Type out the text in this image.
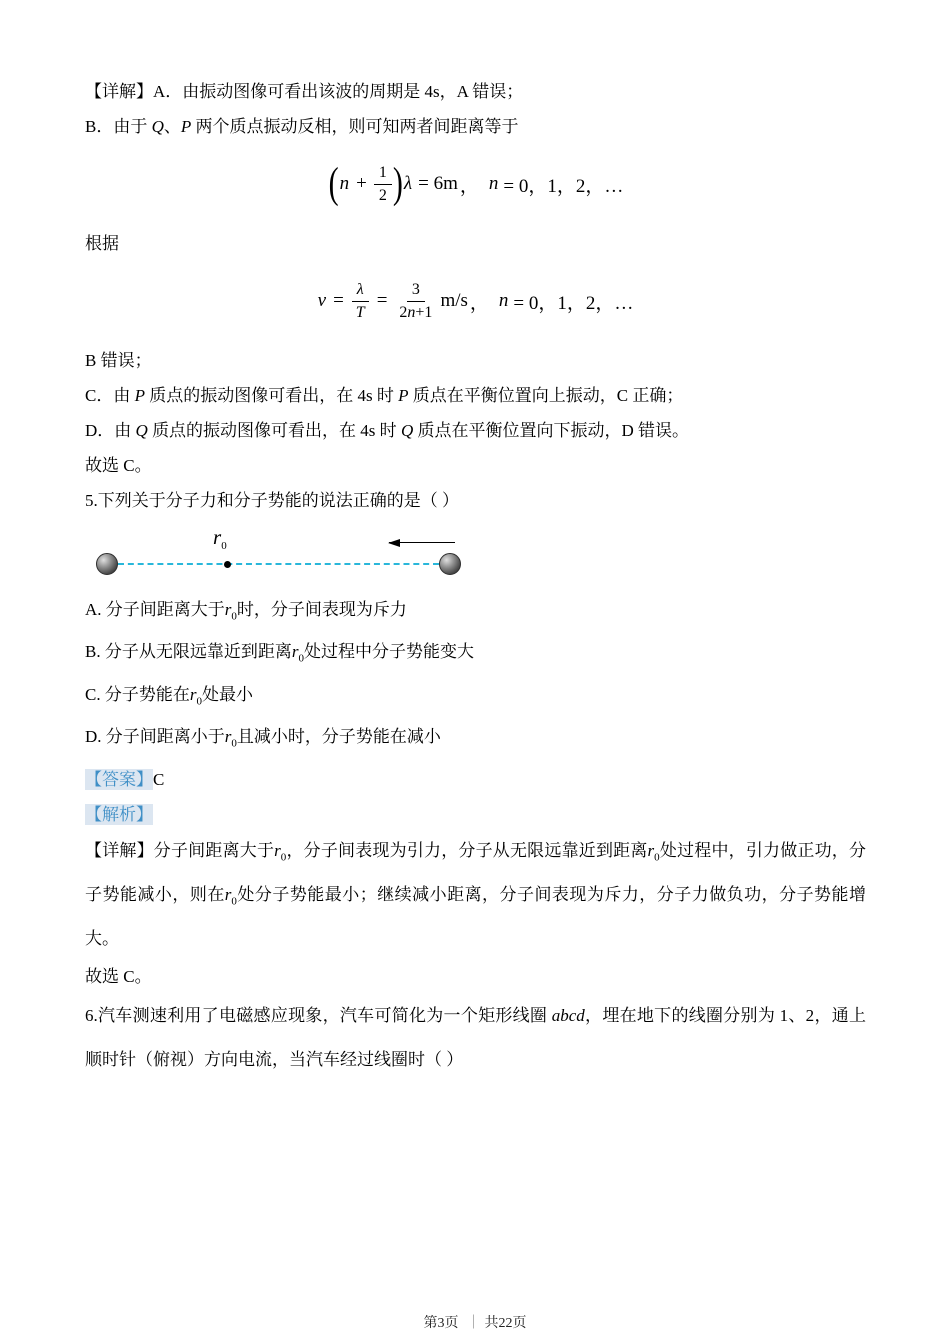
【详解】A．由振动图像可看出该波的周期是 4s，A 错误；

B．由于 Q、P 两个质点振动反相，则可知两者间距离等于

( $n + \frac{1}{2}$ ) λ = 6m ， n = 0，1，2，…

根据

$v = \frac{\lambda}{T} = \frac{3}{2n+1} m/s$ ， n = 0，1，2，…

B 错误；

C．由 P 质点的振动图像可看出，在 4s 时 P 质点在平衡位置向上振动，C 正确；

D．由 Q 质点的振动图像可看出，在 4s 时 Q 质点在平衡位置向下振动，D 错误。

故选 C。

5.下列关于分子力和分子势能的说法正确的是（ ）

$r_0$

A. 分子间距离大于$r_0$时，分子间表现为斥力

B. 分子从无限远靠近到距离$r_0$处过程中分子势能变大

C. 分子势能在$r_0$处最小

D. 分子间距离小于$r_0$且减小时，分子势能在减小

【答案】C

【解析】

【详解】分子间距离大于$r_0$，分子间表现为引力，分子从无限远靠近到距离$r_0$处过程中，引力做正功，分子势能减小，则在$r_0$处分子势能最小；继续减小距离，分子间表现为斥力，分子力做负功，分子势能增大。

故选 C。

6.汽车测速利用了电磁感应现象，汽车可简化为一个矩形线圈 abcd，埋在地下的线圈分别为 1、2，通上顺时针（俯视）方向电流，当汽车经过线圈时（ ）

第3页 ｜ 共22页
